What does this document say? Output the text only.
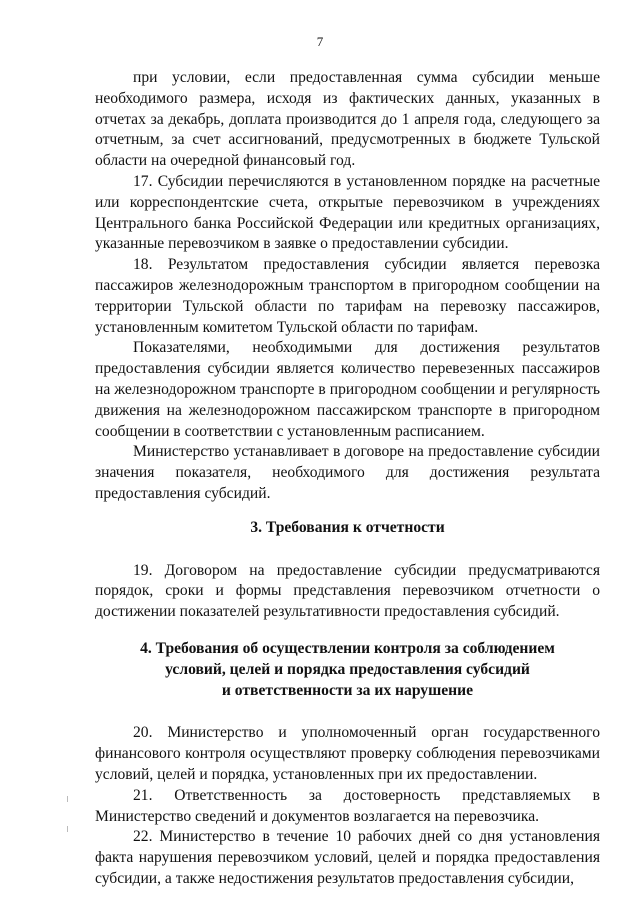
7

при условии, если предоставленная сумма субсидии меньше необходимого размера, исходя из фактических данных, указанных в отчетах за декабрь, доплата производится до 1 апреля года, следующего за отчетным, за счет ассигнований, предусмотренных в бюджете Тульской области на очередной финансовый год.

17. Субсидии перечисляются в установленном порядке на расчетные или корреспондентские счета, открытые перевозчиком в учреждениях Центрального банка Российской Федерации или кредитных организациях, указанные перевозчиком в заявке о предоставлении субсидии.

18. Результатом предоставления субсидии является перевозка пассажиров железнодорожным транспортом в пригородном сообщении на территории Тульской области по тарифам на перевозку пассажиров, установленным комитетом Тульской области по тарифам.

Показателями, необходимыми для достижения результатов предоставления субсидии является количество перевезенных пассажиров на железнодорожном транспорте в пригородном сообщении и регулярность движения на железнодорожном пассажирском транспорте в пригородном сообщении в соответствии с установленным расписанием.

Министерство устанавливает в договоре на предоставление субсидии значения показателя, необходимого для достижения результата предоставления субсидий.

3. Требования к отчетности

19. Договором на предоставление субсидии предусматриваются порядок, сроки и формы представления перевозчиком отчетности о достижении показателей результативности предоставления субсидий.

4. Требования об осуществлении контроля за соблюдением
условий, целей и порядка предоставления субсидий
и ответственности за их нарушение

20. Министерство и уполномоченный орган государственного финансового контроля осуществляют проверку соблюдения перевозчиками условий, целей и порядка, установленных при их предоставлении.

21. Ответственность за достоверность представляемых в Министерство сведений и документов возлагается на перевозчика.

22. Министерство в течение 10 рабочих дней со дня установления факта нарушения перевозчиком условий, целей и порядка предоставления субсидии, а также недостижения результатов предоставления субсидии,
